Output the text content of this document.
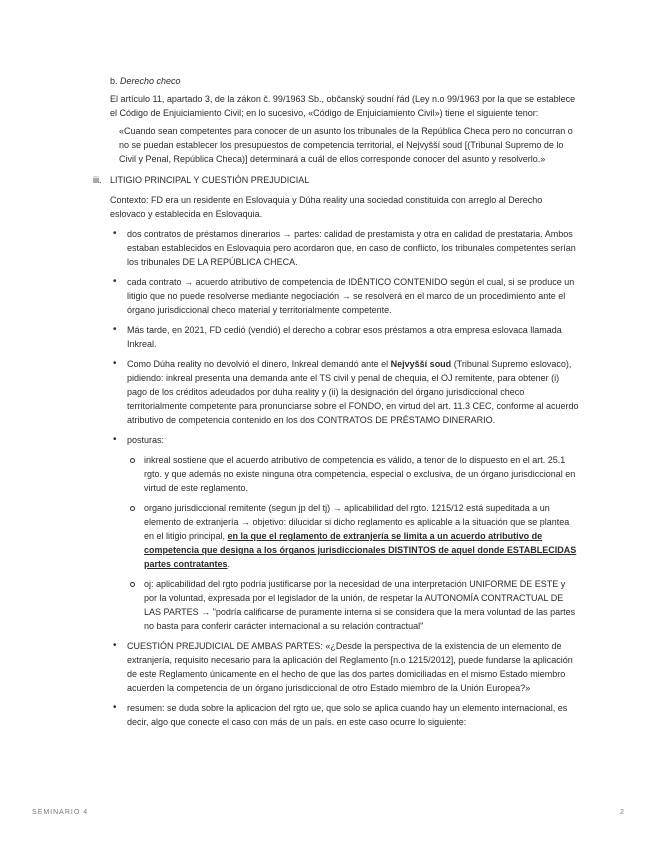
b. Derecho checo

El artículo 11, apartado 3, de la zákon č. 99/1963 Sb., občanský soudní řád (Ley n.o 99/1963 por la que se establece el Código de Enjuiciamiento Civil; en lo sucesivo, «Código de Enjuiciamiento Civil») tiene el siguiente tenor:

«Cuando sean competentes para conocer de un asunto los tribunales de la República Checa pero no concurran o no se puedan establecer los presupuestos de competencia territorial, el Nejvyšší soud [(Tribunal Supremo de lo Civil y Penal, República Checa)] determinará a cuál de ellos corresponde conocer del asunto y resolverlo.»

iii. LITIGIO PRINCIPAL Y CUESTIÓN PREJUDICIAL

Contexto: FD era un residente en Eslovaquia y Dúha reality una sociedad constituida con arreglo al Derecho eslovaco y establecida en Eslovaquia.

• dos contratos de préstamos dinerarios → partes: calidad de prestamista y otra en calidad de prestataria. Ambos estaban establecidos en Eslovaquia pero acordaron que, en caso de conflicto, los tribunales competentes serían los tribunales DE LA REPÚBLICA CHECA.
• cada contrato → acuerdo atributivo de competencia de IDÉNTICO CONTENIDO según el cual, si se produce un litigio que no puede resolverse mediante negociación → se resolverá en el marco de un procedimiento ante el órgano jurisdiccional checo material y territorialmente competente.
• Más tarde, en 2021, FD cedió (vendió) el derecho a cobrar esos préstamos a otra empresa eslovaca llamada Inkreal.
• Como Dúha reality no devolvió el dinero, Inkreal demandó ante el Nejvyšší soud (Tribunal Supremo eslovaco), pidiendo: inkreal presenta una demanda ante el TS civil y penal de chequia, el OJ remitente, para obtener (i) pago de los créditos adeudados por duha reality y (ii) la designación del órgano jurisdiccional checo territorialmente competente para pronunciarse sobre el FONDO, en virtud del art. 11.3 CEC, conforme al acuerdo atributivo de competencia contenido en los dos CONTRATOS DE PRÉSTAMO DINERARIO.
• posturas:
inkreal sostiene que el acuerdo atributivo de competencia es válido, a tenor de lo dispuesto en el art. 25.1 rgto. y que además no existe ninguna otra competencia, especial o exclusiva, de un órgano jurisdiccional en virtud de este reglamento.
organo jurisdiccional remitente (segun jp del tj) → aplicabilidad del rgto. 1215/12 está supeditada a un elemento de extranjería → objetivo: dilucidar si dicho reglamento es aplicable a la situación que se plantea en el litigio principal, en la que el reglamento de extranjería se limita a un acuerdo atributivo de competencia que designa a los órganos jurisdiccionales DISTINTOS de aquel donde ESTABLECIDAS partes contratantes.
oj: aplicabilidad del rgto podría justificarse por la necesidad de una interpretación UNIFORME DE ESTE y por la voluntad, expresada por el legislador de la unión, de respetar la AUTONOMÍA CONTRACTUAL DE LAS PARTES → "podría calificarse de puramente interna si se considera que la mera voluntad de las partes no basta para conferir carácter internacional a su relación contractual"
• CUESTIÓN PREJUDICIAL DE AMBAS PARTES: «¿Desde la perspectiva de la existencia de un elemento de extranjería, requisito necesario para la aplicación del Reglamento [n.o 1215/2012], puede fundarse la aplicación de este Reglamento únicamente en el hecho de que las dos partes domiciliadas en el mismo Estado miembro acuerden la competencia de un órgano jurisdiccional de otro Estado miembro de la Unión Europea?»
• resumen: se duda sobre la aplicacion del rgto ue, que solo se aplica cuando hay un elemento internacional, es decir, algo que conecte el caso con más de un país. en este caso ocurre lo siguiente:
SEMINARIO 4	2
